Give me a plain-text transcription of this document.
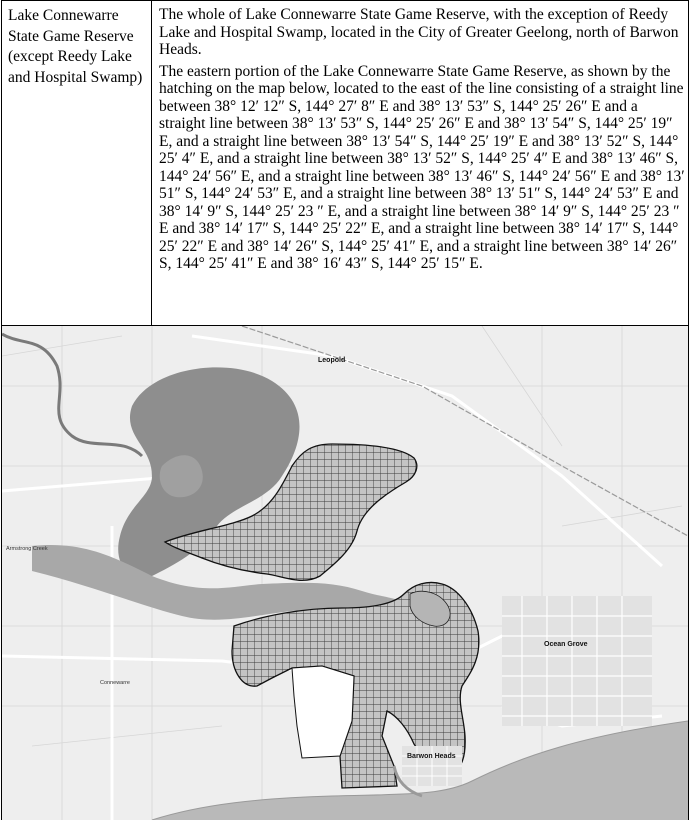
Lake Connewarre State Game Reserve (except Reedy Lake and Hospital Swamp)

The whole of Lake Connewarre State Game Reserve, with the exception of Reedy Lake and Hospital Swamp, located in the City of Greater Geelong, north of Barwon Heads.

The eastern portion of the Lake Connewarre State Game Reserve, as shown by the hatching on the map below, located to the east of the line consisting of a straight line between 38° 12′ 12″ S, 144° 27′ 8″ E and 38° 13′ 53″ S, 144° 25′ 26″ E and a straight line between 38° 13′ 53″ S, 144° 25′ 26″ E and 38° 13′ 54″ S, 144° 25′ 19″ E, and a straight line between 38° 13′ 54″ S, 144° 25′ 19″ E and 38° 13′ 52″ S, 144° 25′ 4″ E, and a straight line between 38° 13′ 52″ S, 144° 25′ 4″ E and 38° 13′ 46″ S, 144° 24′ 56″ E, and a straight line between 38° 13′ 46″ S, 144° 24′ 56″ E and 38° 13′ 51″ S, 144° 24′ 53″ E, and a straight line between 38° 13′ 51″ S, 144° 24′ 53″ E and 38° 14′ 9″ S, 144° 25′ 23 ″ E, and a straight line between 38° 14′ 9″ S, 144° 25′ 23 ″ E and 38° 14′ 17″ S, 144° 25′ 22″ E, and a straight line between 38° 14′ 17″ S, 144° 25′ 22″ E and 38° 14′ 26″ S, 144° 25′ 41″ E, and a straight line between 38° 14′ 26″ S, 144° 25′ 41″ E and 38° 16′ 43″ S, 144° 25′ 15″ E.

Leopold
Ocean Grove
Barwon Heads
Armstrong Creek
Connewarre
